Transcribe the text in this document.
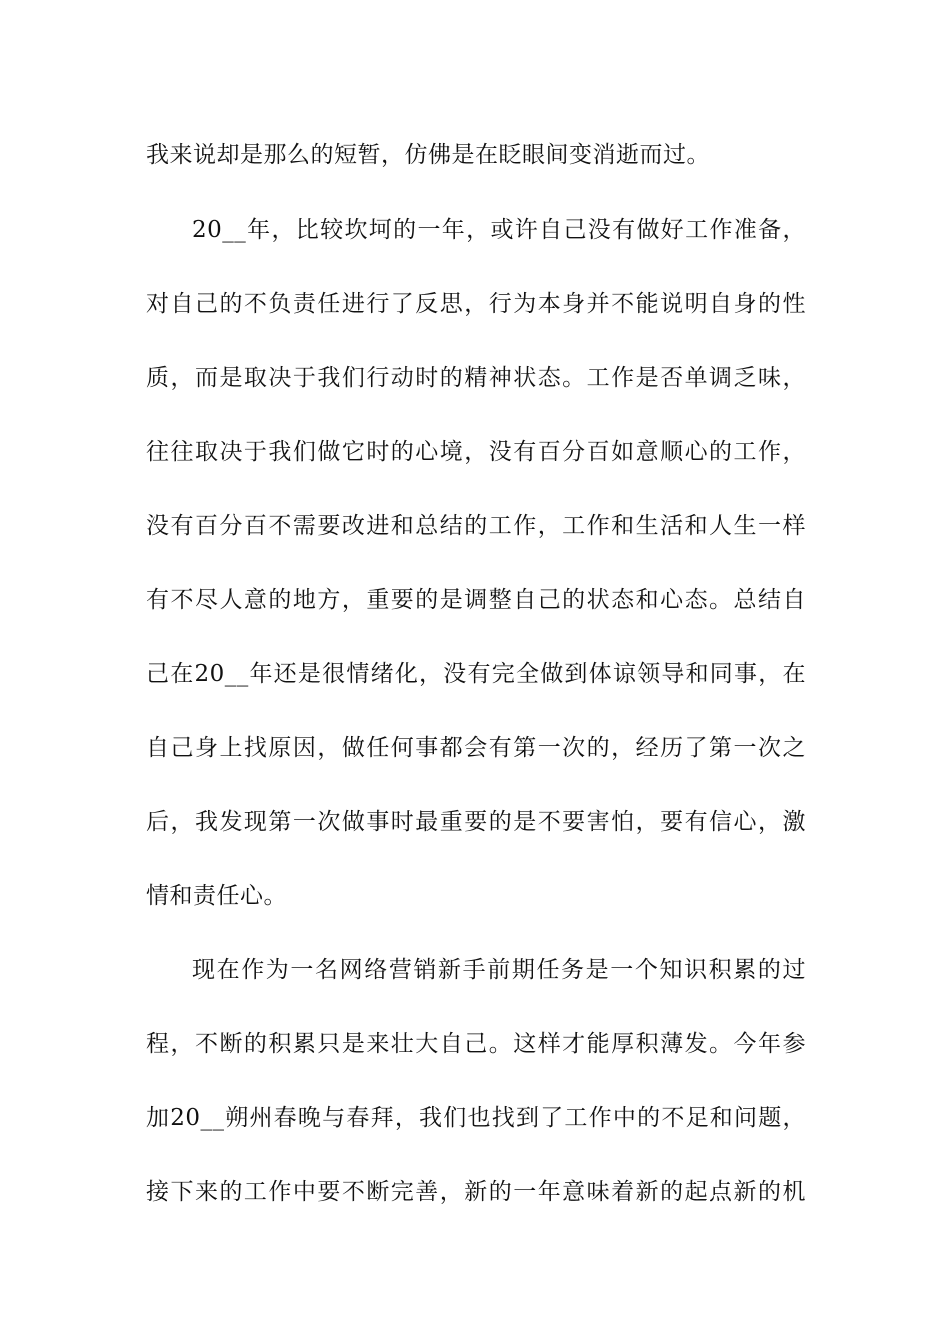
我来说却是那么的短暂，仿佛是在眨眼间变消逝而过。
20__年，比较坎坷的一年，或许自己没有做好工作准备，
对自己的不负责任进行了反思，行为本身并不能说明自身的性
质，而是取决于我们行动时的精神状态。工作是否单调乏味，
往往取决于我们做它时的心境，没有百分百如意顺心的工作，
没有百分百不需要改进和总结的工作，工作和生活和人生一样
有不尽人意的地方，重要的是调整自己的状态和心态。总结自
己在20__年还是很情绪化，没有完全做到体谅领导和同事，在
自己身上找原因，做任何事都会有第一次的，经历了第一次之
后，我发现第一次做事时最重要的是不要害怕，要有信心，激
情和责任心。
现在作为一名网络营销新手前期任务是一个知识积累的过
程，不断的积累只是来壮大自己。这样才能厚积薄发。今年参
加20__朔州春晚与春拜，我们也找到了工作中的不足和问题，
接下来的工作中要不断完善，新的一年意味着新的起点新的机
